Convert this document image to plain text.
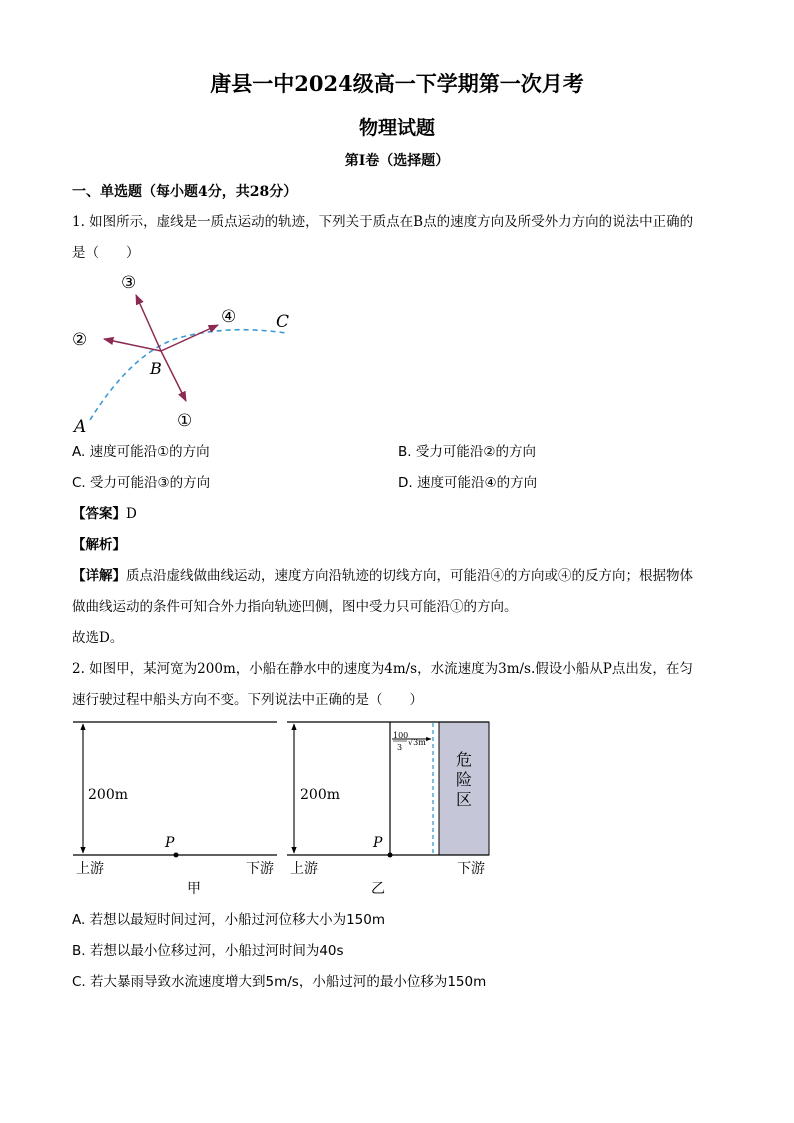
唐县一中2024级高一下学期第一次月考
物理试题
第I卷（选择题）
一、单选题（每小题4分，共28分）
1. 如图所示，虚线是一质点运动的轨迹，下列关于质点在B点的速度方向及所受外力方向的说法中正确的
是（　　）
③
②
④
①
B
C
A
A. 速度可能沿①的方向	B. 受力可能沿②的方向
C. 受力可能沿③的方向	D. 速度可能沿④的方向
【答案】D
【解析】
【详解】质点沿虚线做曲线运动，速度方向沿轨迹的切线方向，可能沿④的方向或④的反方向；根据物体
做曲线运动的条件可知合外力指向轨迹凹侧，图中受力只可能沿①的方向。
故选D。
2. 如图甲，某河宽为200m，小船在静水中的速度为4m/s，水流速度为3m/s.假设小船从P点出发，在匀
速行驶过程中船头方向不变。下列说法中正确的是（　　）
200m
P
上游	下游
甲
200m
100
3
√3m
危
险
区
P
上游	下游
乙
A. 若想以最短时间过河，小船过河位移大小为150m
B. 若想以最小位移过河，小船过河时间为40s
C. 若大暴雨导致水流速度增大到5m/s，小船过河的最小位移为150m
